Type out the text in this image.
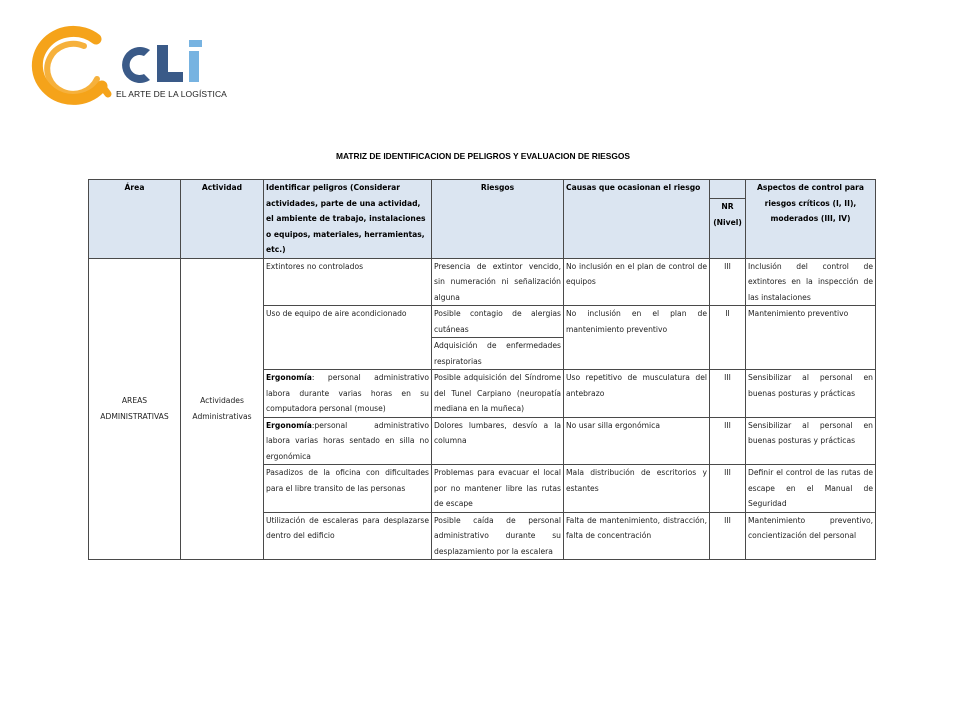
EL ARTE DE LA LOGÍSTICA
MATRIZ DE IDENTIFICACION DE PELIGROS Y EVALUACION DE RIESGOS
Área	Actividad	Identificar peligros (Considerar actividades, parte de una actividad, el ambiente de trabajo, instalaciones o equipos, materiales, herramientas, etc.)	Riesgos	Causas que ocasionan el riesgo		Aspectos de control para riesgos críticos (I, II), moderados (III, IV)
					NR (Nivel)	
AREAS ADMINISTRATIVAS	Actividades Administrativas	Extintores no controlados	Presencia de extintor vencido, sin numeración ni señalización alguna	No inclusión en el plan de control de equipos	III	Inclusión del control de extintores en la inspección de las instalaciones
		Uso de equipo de aire acondicionado	Posible contagio de alergias cutáneas	No inclusión en el plan de mantenimiento preventivo	II	Mantenimiento preventivo
			Adquisición de enfermedades respiratorias			
		Ergonomía: personal administrativo labora durante varias horas en su computadora personal (mouse)	Posible adquisición del Síndrome del Tunel Carpiano (neuropatía mediana en la muñeca)	Uso repetitivo de musculatura del antebrazo	III	Sensibilizar al personal en buenas posturas y prácticas
		Ergonomía:personal administrativo labora varias horas sentado en silla no ergonómica	Dolores lumbares, desvío a la columna	No usar silla ergonómica	III	Sensibilizar al personal en buenas posturas y prácticas
		Pasadizos de la oficina con dificultades para el libre transito de las personas	Problemas para evacuar el local por no mantener libre las rutas de escape	Mala distribución de escritorios y estantes	III	Definir el control de las rutas de escape en el Manual de Seguridad
		Utilización de escaleras para desplazarse dentro del edificio	Posible caída de personal administrativo durante su desplazamiento por la escalera	Falta de mantenimiento, distracción, falta de concentración	III	Mantenimiento preventivo, concientización del personal
